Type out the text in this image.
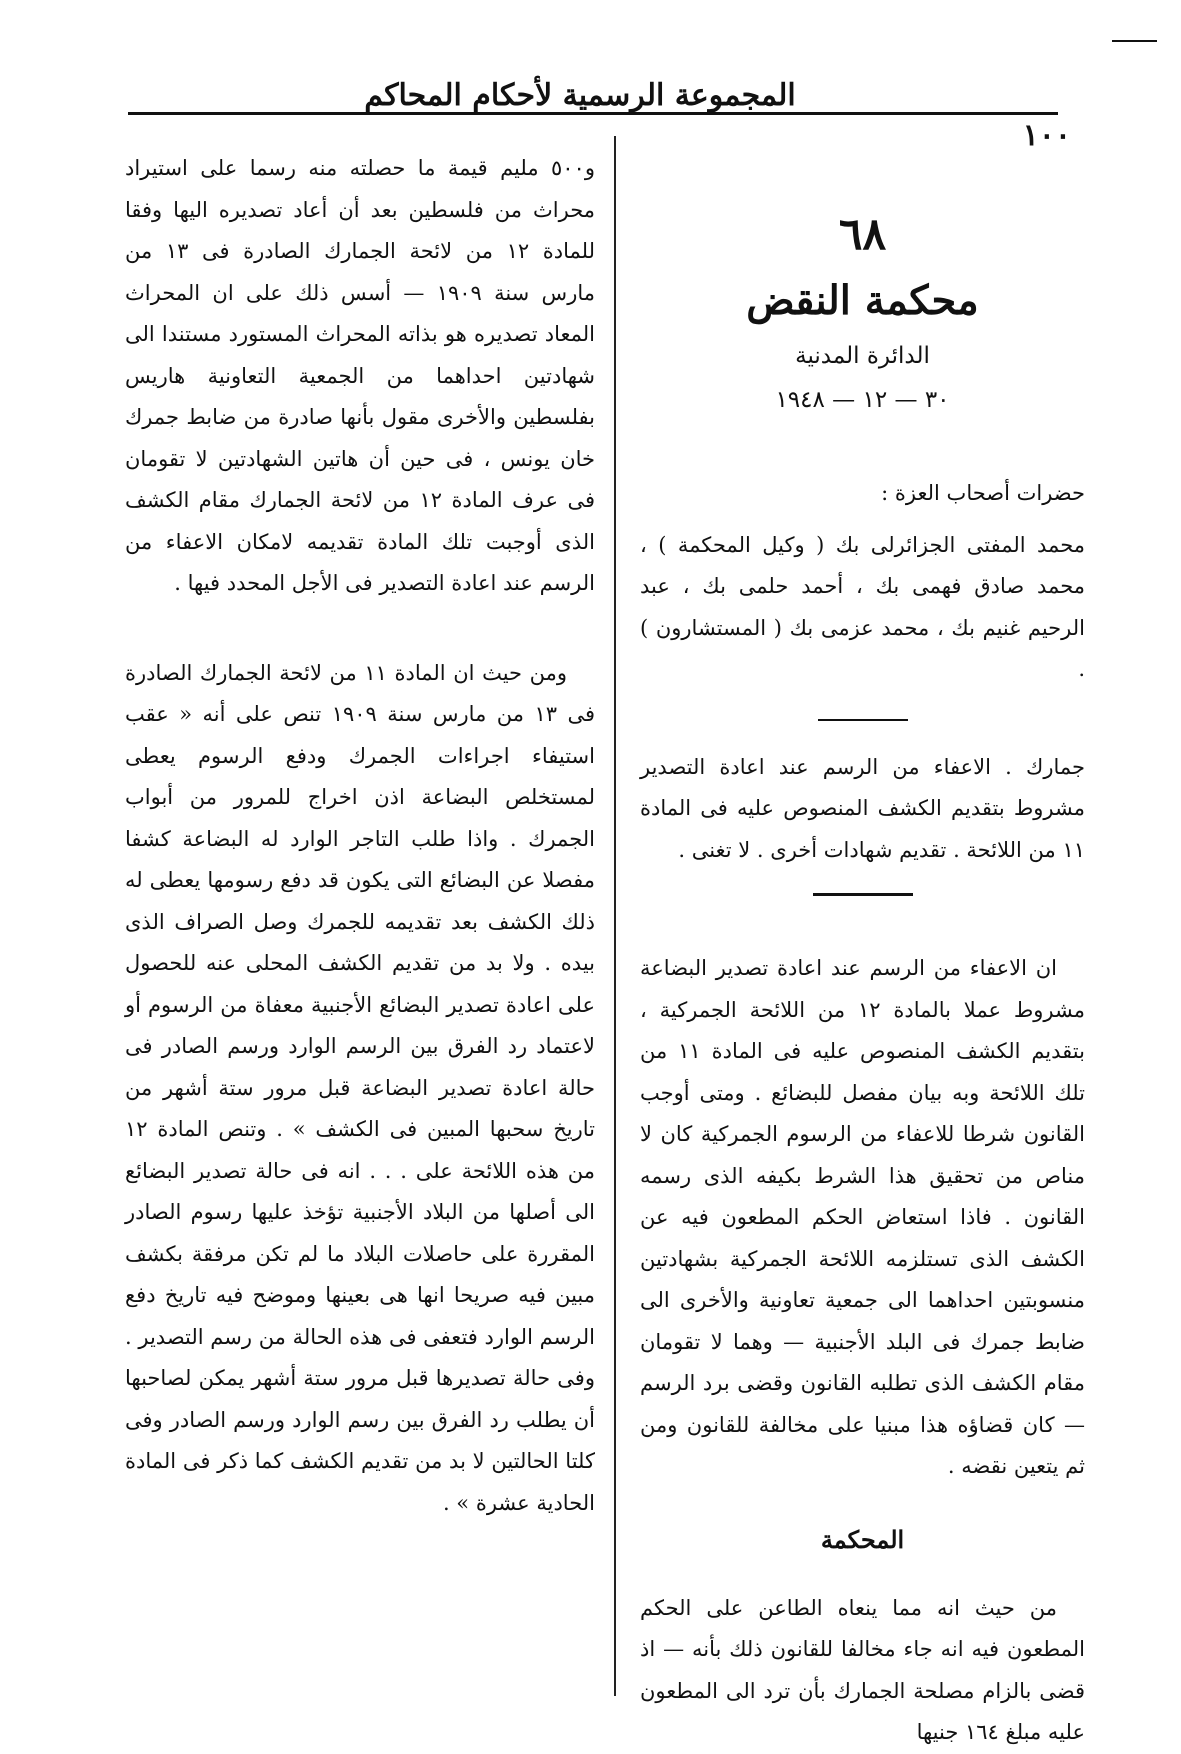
١٠٠
المجموعة الرسمية لأحكام المحاكم
٦٨
محكمة النقض
الدائرة المدنية
٣٠ — ١٢ — ١٩٤٨
حضرات أصحاب العزة :
محمد المفتى الجزائرلى بك ( وكيل المحكمة ) ، محمد صادق فهمى بك ، أحمد حلمى بك ، عبد الرحيم غنيم بك ، محمد عزمى بك ( المستشارون ) .
جمارك . الاعفاء من الرسم عند اعادة التصدير مشروط بتقديم الكشف المنصوص عليه فى المادة ١١ من اللائحة . تقديم شهادات أخرى . لا تغنى .

ان الاعفاء من الرسم عند اعادة تصدير البضاعة مشروط عملا بالمادة ١٢ من اللائحة الجمركية ، بتقديم الكشف المنصوص عليه فى المادة ١١ من تلك اللائحة وبه بيان مفصل للبضائع . ومتى أوجب القانون شرطا للاعفاء من الرسوم الجمركية كان لا مناص من تحقيق هذا الشرط بكيفه الذى رسمه القانون . فاذا استعاض الحكم المطعون فيه عن الكشف الذى تستلزمه اللائحة الجمركية بشهادتين منسوبتين احداهما الى جمعية تعاونية والأخرى الى ضابط جمرك فى البلد الأجنبية — وهما لا تقومان مقام الكشف الذى تطلبه القانون وقضى برد الرسم — كان قضاؤه هذا مبنيا على مخالفة للقانون ومن ثم يتعين نقضه .

المحكمة

من حيث انه مما ينعاه الطاعن على الحكم المطعون فيه انه جاء مخالفا للقانون ذلك بأنه — اذ قضى بالزام مصلحة الجمارك بأن ترد الى المطعون عليه مبلغ ١٦٤ جنيها

و٥٠٠ مليم قيمة ما حصلته منه رسما على استيراد محراث من فلسطين بعد أن أعاد تصديره اليها وفقا للمادة ١٢ من لائحة الجمارك الصادرة فى ١٣ من مارس سنة ١٩٠٩ — أسس ذلك على ان المحراث المعاد تصديره هو بذاته المحراث المستورد مستندا الى شهادتين احداهما من الجمعية التعاونية هاريس بفلسطين والأخرى مقول بأنها صادرة من ضابط جمرك خان يونس ، فى حين أن هاتين الشهادتين لا تقومان فى عرف المادة ١٢ من لائحة الجمارك مقام الكشف الذى أوجبت تلك المادة تقديمه لامكان الاعفاء من الرسم عند اعادة التصدير فى الأجل المحدد فيها .

ومن حيث ان المادة ١١ من لائحة الجمارك الصادرة فى ١٣ من مارس سنة ١٩٠٩ تنص على أنه « عقب استيفاء اجراءات الجمرك ودفع الرسوم يعطى لمستخلص البضاعة اذن اخراج للمرور من أبواب الجمرك . واذا طلب التاجر الوارد له البضاعة كشفا مفصلا عن البضائع التى يكون قد دفع رسومها يعطى له ذلك الكشف بعد تقديمه للجمرك وصل الصراف الذى بيده . ولا بد من تقديم الكشف المحلى عنه للحصول على اعادة تصدير البضائع الأجنبية معفاة من الرسوم أو لاعتماد رد الفرق بين الرسم الوارد ورسم الصادر فى حالة اعادة تصدير البضاعة قبل مرور ستة أشهر من تاريخ سحبها المبين فى الكشف » . وتنص المادة ١٢ من هذه اللائحة على . . . انه فى حالة تصدير البضائع الى أصلها من البلاد الأجنبية تؤخذ عليها رسوم الصادر المقررة على حاصلات البلاد ما لم تكن مرفقة بكشف مبين فيه صريحا انها هى بعينها وموضح فيه تاريخ دفع الرسم الوارد فتعفى فى هذه الحالة من رسم التصدير . وفى حالة تصديرها قبل مرور ستة أشهر يمكن لصاحبها أن يطلب رد الفرق بين رسم الوارد ورسم الصادر وفى كلتا الحالتين لا بد من تقديم الكشف كما ذكر فى المادة الحادية عشرة » .
